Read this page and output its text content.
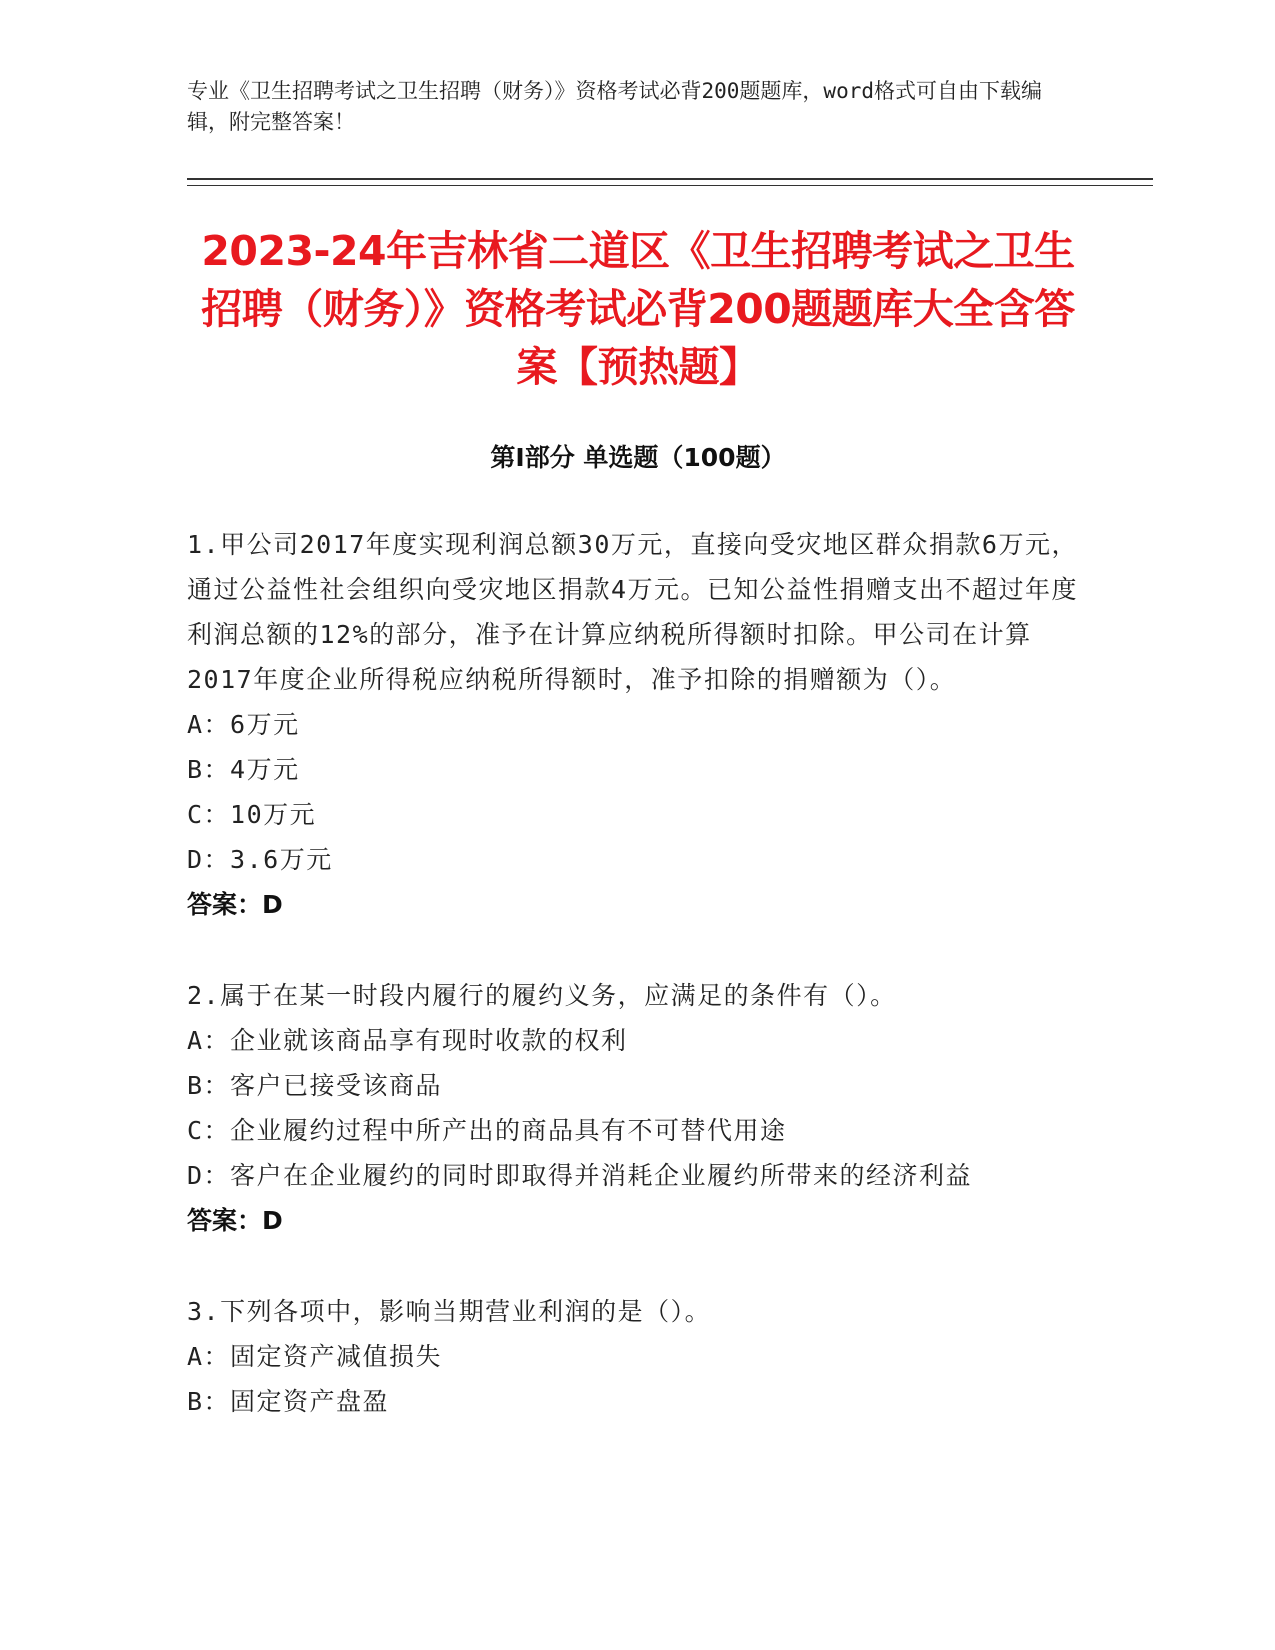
专业《卫生招聘考试之卫生招聘（财务）》资格考试必背200题题库，word格式可自由下载编辑，附完整答案！
2023-24年吉林省二道区《卫生招聘考试之卫生招聘（财务）》资格考试必背200题题库大全含答案【预热题】
第I部分 单选题（100题）
1.甲公司2017年度实现利润总额30万元，直接向受灾地区群众捐款6万元，通过公益性社会组织向受灾地区捐款4万元。已知公益性捐赠支出不超过年度利润总额的12%的部分，准予在计算应纳税所得额时扣除。甲公司在计算2017年度企业所得税应纳税所得额时，准予扣除的捐赠额为（）。
A：6万元
B：4万元
C：10万元
D：3.6万元
答案：D
2.属于在某一时段内履行的履约义务，应满足的条件有（）。
A：企业就该商品享有现时收款的权利
B：客户已接受该商品
C：企业履约过程中所产出的商品具有不可替代用途
D：客户在企业履约的同时即取得并消耗企业履约所带来的经济利益
答案：D
3.下列各项中，影响当期营业利润的是（）。
A：固定资产减值损失
B：固定资产盘盈
